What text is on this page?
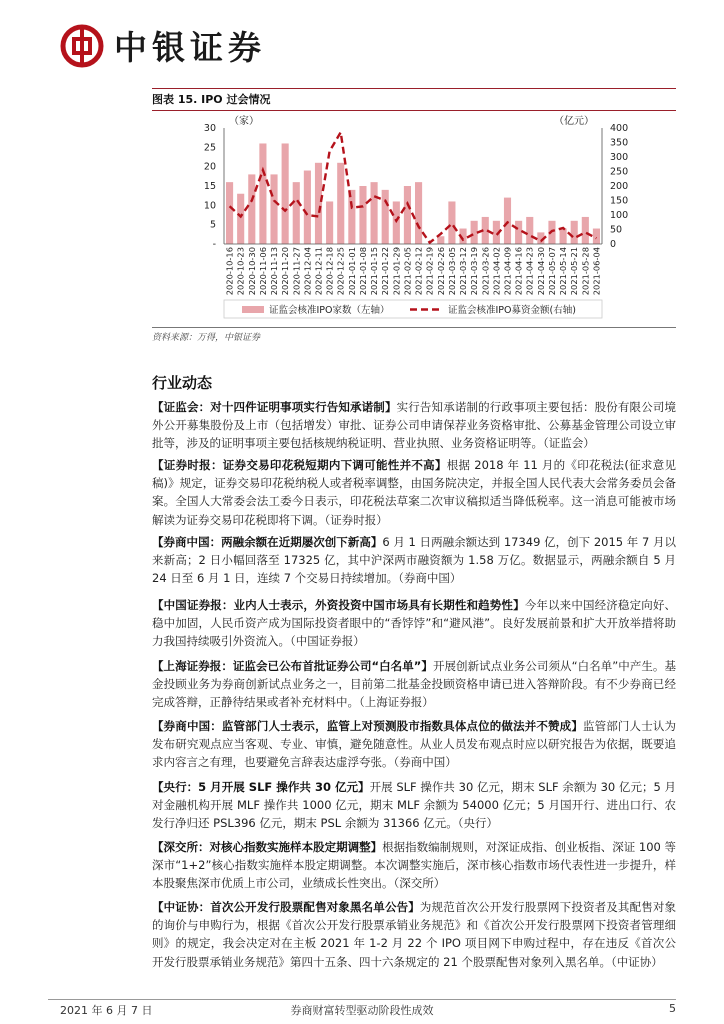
中银证券
图表 15. IPO 过会情况
（家）	（亿元）
2020-10-16 2020-10-23 2020-10-30 2020-11-06 2020-11-13 2020-11-20 2020-11-27 2020-12-04 2020-12-11 2020-12-18 2020-12-25 2021-01-01 2021-01-08 2021-01-15 2021-01-22 2021-01-29 2021-02-05 2021-02-12 2021-02-19 2021-02-26 2021-03-05 2021-03-12 2021-03-19 2021-03-26 2021-04-02 2021-04-09 2021-04-16 2021-04-23 2021-04-30 2021-05-07 2021-05-14 2021-05-21 2021-05-28 2021-06-04
30
25
20
15
10
5
-
400
350
300
250
200
150
100
50
0
证监会核准IPO家数（左轴）	证监会核准IPO募资金额(右轴)
资料来源：万得，中银证券
行业动态
【证监会：对十四件证明事项实行告知承诺制】实行告知承诺制的行政事项主要包括：股份有限公司境外公开募集股份及上市（包括增发）审批、证券公司申请保荐业务资格审批、公募基金管理公司设立审批等，涉及的证明事项主要包括核规纳税证明、营业执照、业务资格证明等。（证监会）
【证券时报：证券交易印花税短期内下调可能性并不高】根据 2018 年 11 月的《印花税法(征求意见稿)》规定，证券交易印花税纳税人或者税率调整，由国务院决定，并报全国人民代表大会常务委员会备案。全国人大常委会法工委今日表示，印花税法草案二次审议稿拟适当降低税率。这一消息可能被市场解读为证券交易印花税即将下调。（证券时报）
【券商中国：两融余额在近期屡次创下新高】6 月 1 日两融余额达到 17349 亿，创下 2015 年 7 月以来新高；2 日小幅回落至 17325 亿，其中沪深两市融资额为 1.58 万亿。数据显示，两融余额自 5 月 24 日至 6 月 1 日，连续 7 个交易日持续增加。（券商中国）
【中国证券报：业内人士表示，外资投资中国市场具有长期性和趋势性】今年以来中国经济稳定向好、稳中加固，人民币资产成为国际投资者眼中的“香饽饽”和“避风港”。良好发展前景和扩大开放举措将助力我国持续吸引外资流入。（中国证券报）
【上海证券报：证监会已公布首批证券公司“白名单”】开展创新试点业务公司须从“白名单”中产生。基金投顾业务为券商创新试点业务之一，目前第二批基金投顾资格申请已进入答辩阶段。有不少券商已经完成答辩，正静待结果或者补充材料中。（上海证券报）
【券商中国：监管部门人士表示，监管上对预测股市指数具体点位的做法并不赞成】监管部门人士认为发布研究观点应当客观、专业、审慎，避免随意性。从业人员发布观点时应以研究报告为依据，既要追求内容言之有理，也要避免言辞表达虚浮夸张。（券商中国）
【央行：5 月开展 SLF 操作共 30 亿元】开展 SLF 操作共 30 亿元，期末 SLF 余额为 30 亿元；5 月对金融机构开展 MLF 操作共 1000 亿元，期末 MLF 余额为 54000 亿元；5 月国开行、进出口行、农发行净归还 PSL396 亿元，期末 PSL 余额为 31366 亿元。（央行）
【深交所：对核心指数实施样本股定期调整】根据指数编制规则，对深证成指、创业板指、深证 100 等深市“1+2”核心指数实施样本股定期调整。本次调整实施后，深市核心指数市场代表性进一步提升，样本股聚焦深市优质上市公司，业绩成长性突出。（深交所）
【中证协：首次公开发行股票配售对象黑名单公告】为规范首次公开发行股票网下投资者及其配售对象的询价与申购行为，根据《首次公开发行股票承销业务规范》和《首次公开发行股票网下投资者管理细则》的规定，我会决定对在主板 2021 年 1-2 月 22 个 IPO 项目网下申购过程中，存在违反《首次公开发行股票承销业务规范》第四十五条、四十六条规定的 21 个股票配售对象列入黑名单。（中证协）
2021 年 6 月 7 日	券商财富转型驱动阶段性成效	5
